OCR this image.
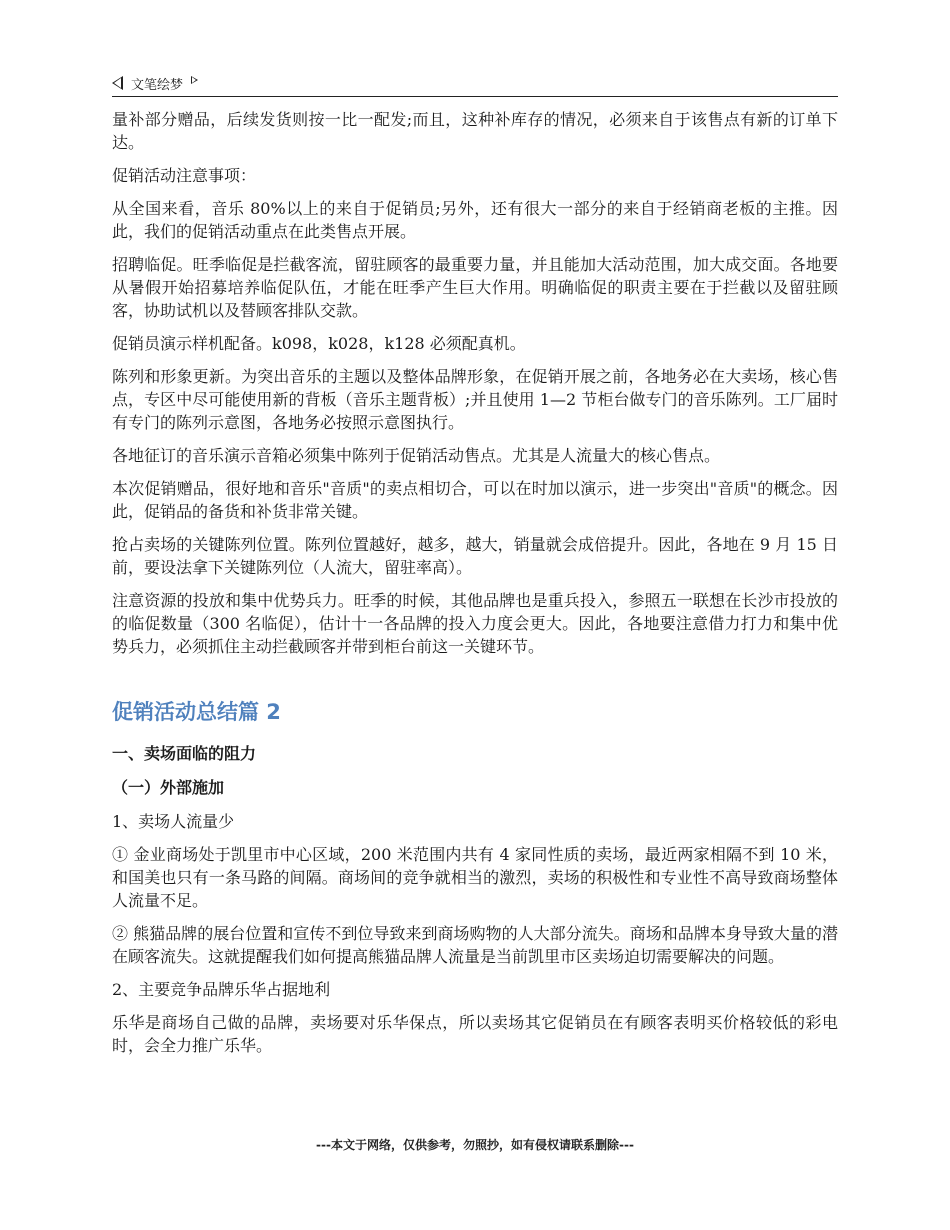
文笔绘梦

量补部分赠品，后续发货则按一比一配发;而且，这种补库存的情况，必须来自于该售点有新的订单下达。

促销活动注意事项：

从全国来看，音乐 80%以上的来自于促销员;另外，还有很大一部分的来自于经销商老板的主推。因此，我们的促销活动重点在此类售点开展。

招聘临促。旺季临促是拦截客流，留驻顾客的最重要力量，并且能加大活动范围，加大成交面。各地要从暑假开始招募培养临促队伍，才能在旺季产生巨大作用。明确临促的职责主要在于拦截以及留驻顾客，协助试机以及替顾客排队交款。

促销员演示样机配备。k098，k028，k128 必须配真机。

陈列和形象更新。为突出音乐的主题以及整体品牌形象，在促销开展之前，各地务必在大卖场，核心售点，专区中尽可能使用新的背板（音乐主题背板）;并且使用 1—2 节柜台做专门的音乐陈列。工厂届时有专门的陈列示意图，各地务必按照示意图执行。

各地征订的音乐演示音箱必须集中陈列于促销活动售点。尤其是人流量大的核心售点。

本次促销赠品，很好地和音乐"音质"的卖点相切合，可以在时加以演示，进一步突出"音质"的概念。因此，促销品的备货和补货非常关键。

抢占卖场的关键陈列位置。陈列位置越好，越多，越大，销量就会成倍提升。因此，各地在 9 月 15 日前，要设法拿下关键陈列位（人流大，留驻率高）。

注意资源的投放和集中优势兵力。旺季的时候，其他品牌也是重兵投入，参照五一联想在长沙市投放的的临促数量（300 名临促），估计十一各品牌的投入力度会更大。因此，各地要注意借力打力和集中优势兵力，必须抓住主动拦截顾客并带到柜台前这一关键环节。

促销活动总结篇 2
一、卖场面临的阻力
（一）外部施加

1、卖场人流量少

① 金业商场处于凯里市中心区域，200 米范围内共有 4 家同性质的卖场，最近两家相隔不到 10 米，和国美也只有一条马路的间隔。商场间的竞争就相当的激烈，卖场的积极性和专业性不高导致商场整体人流量不足。

② 熊猫品牌的展台位置和宣传不到位导致来到商场购物的人大部分流失。商场和品牌本身导致大量的潜在顾客流失。这就提醒我们如何提高熊猫品牌人流量是当前凯里市区卖场迫切需要解决的问题。

2、主要竞争品牌乐华占据地利

乐华是商场自己做的品牌，卖场要对乐华保点，所以卖场其它促销员在有顾客表明买价格较低的彩电时，会全力推广乐华。

---本文于网络，仅供参考，勿照抄，如有侵权请联系删除---
